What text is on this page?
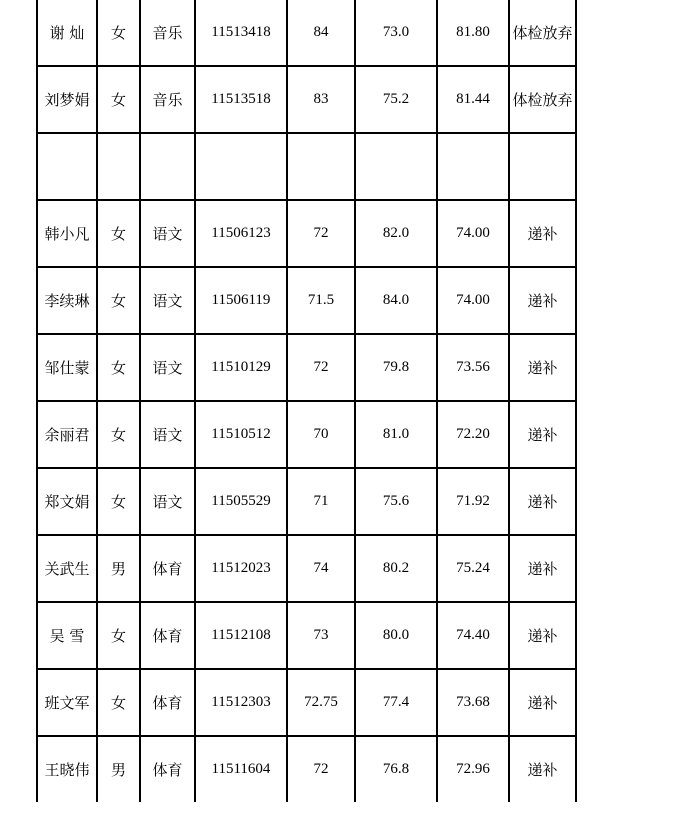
谢 灿	女	音乐	11513418	84	73.0	81.80	体检放弃
刘梦娟	女	音乐	11513518	83	75.2	81.44	体检放弃

韩小凡	女	语文	11506123	72	82.0	74.00	递补
李续琳	女	语文	11506119	71.5	84.0	74.00	递补
邹仕蒙	女	语文	11510129	72	79.8	73.56	递补
余丽君	女	语文	11510512	70	81.0	72.20	递补
郑文娟	女	语文	11505529	71	75.6	71.92	递补
关武生	男	体育	11512023	74	80.2	75.24	递补
吴 雪	女	体育	11512108	73	80.0	74.40	递补
班文军	女	体育	11512303	72.75	77.4	73.68	递补
王晓伟	男	体育	11511604	72	76.8	72.96	递补
